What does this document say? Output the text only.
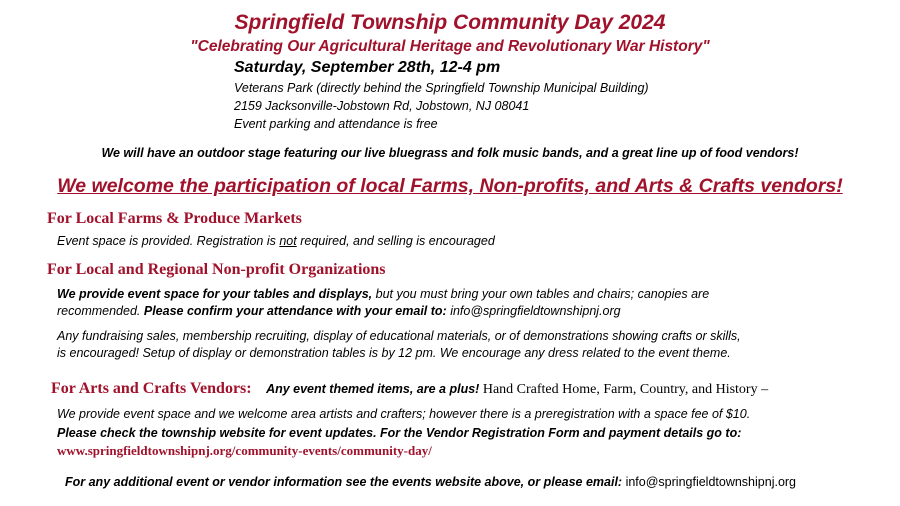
Springfield Township Community Day 2024
"Celebrating Our Agricultural Heritage and Revolutionary War History"
Saturday, September 28th, 12-4 pm
Veterans Park (directly behind the Springfield Township Municipal Building)
2159 Jacksonville-Jobstown Rd, Jobstown, NJ 08041
Event parking and attendance is free
We will have an outdoor stage featuring our live bluegrass and folk music bands, and a great line up of food vendors!
We welcome the participation of local Farms, Non-profits, and Arts & Crafts vendors!
For Local Farms & Produce Markets
Event space is provided. Registration is not required, and selling is encouraged
For Local and Regional Non-profit Organizations
We provide event space for your tables and displays, but you must bring your own tables and chairs; canopies are
recommended. Please confirm your attendance with your email to: info@springfieldtownshipnj.org
Any fundraising sales, membership recruiting, display of educational materials, or of demonstrations showing crafts or skills,
is encouraged! Setup of display or demonstration tables is by 12 pm. We encourage any dress related to the event theme.
For Arts and Crafts Vendors: Any event themed items, are a plus! Hand Crafted Home, Farm, Country, and History –
We provide event space and we welcome area artists and crafters; however there is a preregistration with a space fee of $10.
Please check the township website for event updates. For the Vendor Registration Form and payment details go to:
www.springfieldtownshipnj.org/community-events/community-day/
For any additional event or vendor information see the events website above, or please email: info@springfieldtownshipnj.org
